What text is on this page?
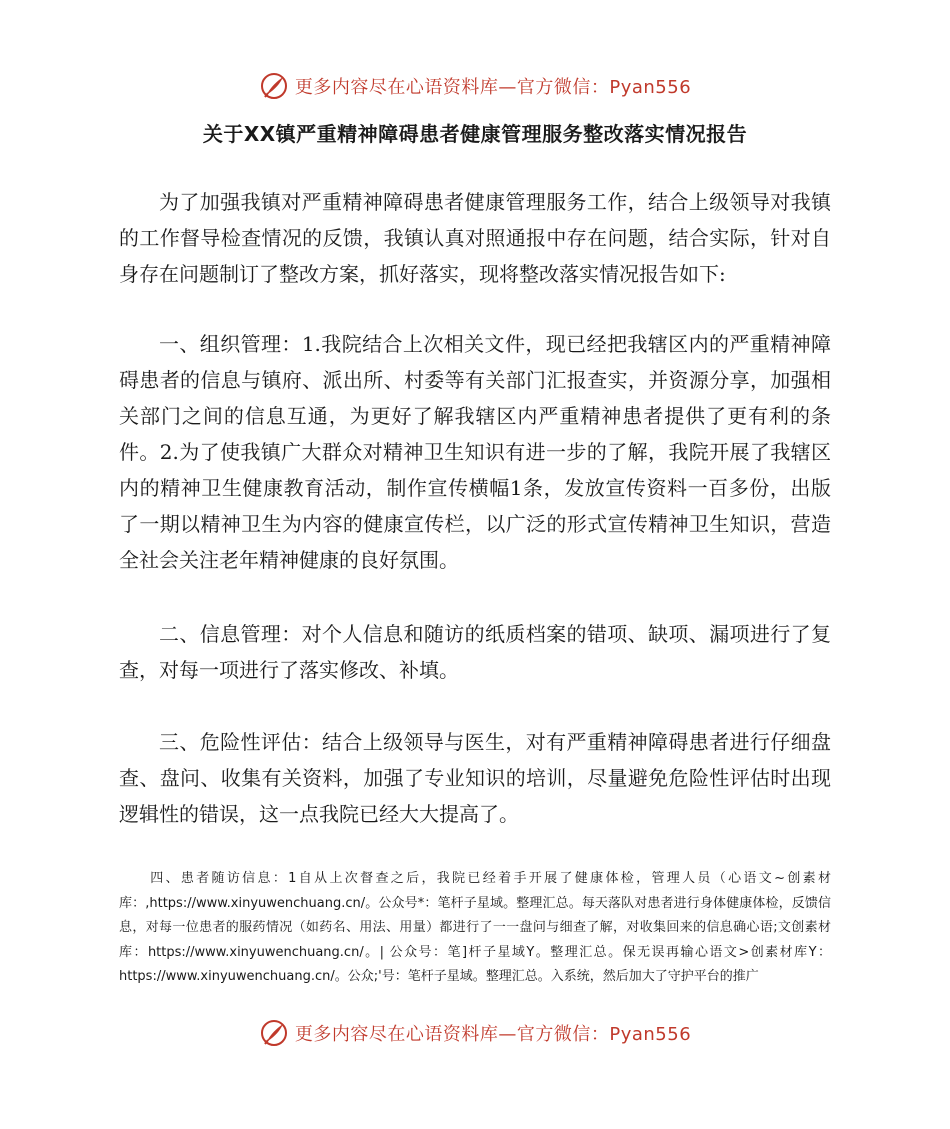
更多内容尽在心语资料库—官方微信：Pyan556
关于XX镇严重精神障碍患者健康管理服务整改落实情况报告

为了加强我镇对严重精神障碍患者健康管理服务工作，结合上级领导对我镇的工作督导检查情况的反馈，我镇认真对照通报中存在问题，结合实际，针对自身存在问题制订了整改方案，抓好落实，现将整改落实情况报告如下:

一、组织管理：1.我院结合上次相关文件，现已经把我辖区内的严重精神障碍患者的信息与镇府、派出所、村委等有关部门汇报查实，并资源分享，加强相关部门之间的信息互通，为更好了解我辖区内严重精神患者提供了更有利的条件。2.为了使我镇广大群众对精神卫生知识有进一步的了解，我院开展了我辖区内的精神卫生健康教育活动，制作宣传横幅1条，发放宣传资料一百多份，出版了一期以精神卫生为内容的健康宣传栏，以广泛的形式宣传精神卫生知识，营造全社会关注老年精神健康的良好氛围。

二、信息管理：对个人信息和随访的纸质档案的错项、缺项、漏项进行了复查，对每一项进行了落实修改、补填。

三、危险性评估：结合上级领导与医生，对有严重精神障碍患者进行仔细盘查、盘问、收集有关资料，加强了专业知识的培训，尽量避免危险性评估时出现逻辑性的错误，这一点我院已经大大提高了。

四、患者随访信息：1自从上次督查之后，我院已经着手开展了健康体检，管理人员（心语文~创素材库：,https://www.xinyuwenchuang.cn/。公众号*：笔杆子星域。整理汇总。每天落队对患者进行身体健康体检，反馈信息，对每一位患者的服药情况（如药名、用法、用量）都进行了一一盘问与细查了解，对收集回来的信息确心语;文创素材库：https://www.xinyuwenchuang.cn/。| 公众号：笔]杆子星域Y。整理汇总。保无误再输心语文>创素材库Y：https://www.xinyuwenchuang.cn/。公众;'号：笔杆子星域。整理汇总。入系统，然后加大了守护平台的推广

更多内容尽在心语资料库—官方微信：Pyan556
